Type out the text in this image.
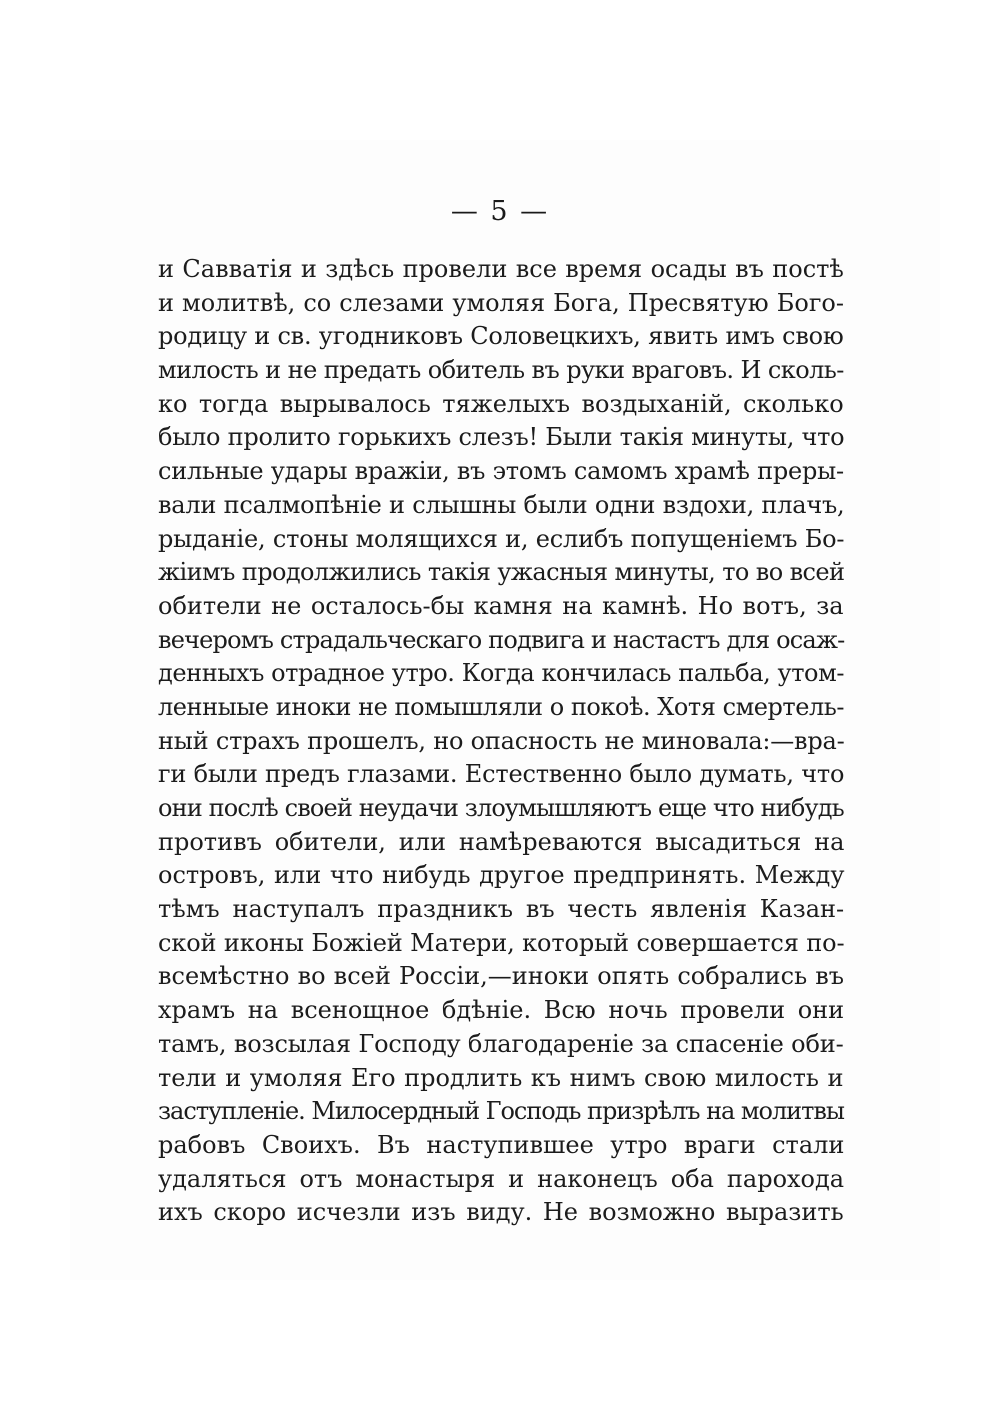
— 5 —
и Савватія и здѣсь провели все время осады въ постѣ
и молитвѣ, со слезами умоляя Бога, Пресвятую Бого-
родицу и св. угодниковъ Соловецкихъ, явить имъ свою
милость и не предать обитель въ руки враговъ. И сколь-
ко тогда вырывалось тяжелыхъ воздыханій, сколько
было пролито горькихъ слезъ! Были такія минуты, что
сильные удары вражіи, въ этомъ самомъ храмѣ преры-
вали псалмопѣніе и слышны были одни вздохи, плачъ,
рыданіе, стоны молящихся и, еслибъ попущеніемъ Бо-
жіимъ продолжились такія ужасныя минуты, то во всей
обители не осталось-бы камня на камнѣ. Но вотъ, за
вечеромъ страдальческаго подвига и настастъ для осаж-
денныхъ отрадное утро. Когда кончилась пальба, утом-
ленныые иноки не помышляли о покоѣ. Хотя смертель-
ный страхъ прошелъ, но опасность не миновала:—вра-
ги были предъ глазами. Естественно было думать, что
они послѣ своей неудачи злоумышляютъ еще что нибудь
противъ обители, или намѣреваются высадиться на
островъ, или что нибудь другое предпринять. Между
тѣмъ наступалъ праздникъ въ честь явленія Казан-
ской иконы Божіей Матери, который совершается по-
всемѣстно во всей Россіи,—иноки опять собрались въ
храмъ на всенощное бдѣніе. Всю ночь провели они
тамъ, возсылая Господу благодареніе за спасеніе оби-
тели и умоляя Его продлить къ нимъ свою милость и
заступленіе. Милосердный Господь призрѣлъ на молитвы
рабовъ Своихъ. Въ наступившее утро враги стали
удаляться отъ монастыря и наконецъ оба парохода
ихъ скоро исчезли изъ виду. Не возможно выразить
